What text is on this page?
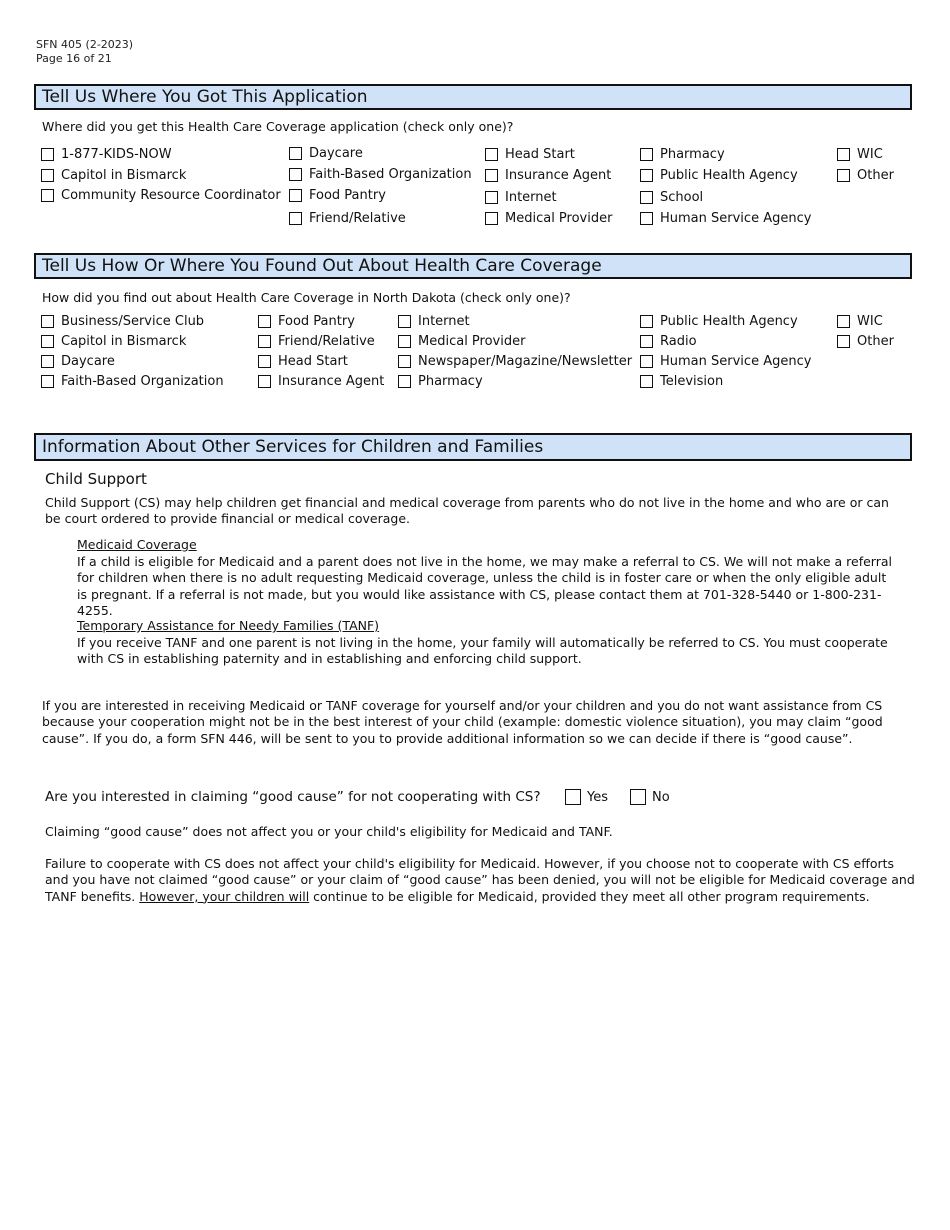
SFN 405 (2-2023)
Page 16 of 21
Tell Us Where You Got This Application
Where did you get this Health Care Coverage application (check only one)?
1-877-KIDS-NOW
Capitol in Bismarck
Community Resource Coordinator
Daycare
Faith-Based Organization
Food Pantry
Friend/Relative
Head Start
Insurance Agent
Internet
Medical Provider
Pharmacy
Public Health Agency
School
Human Service Agency
WIC
Other
Tell Us How Or Where You Found Out About Health Care Coverage
How did you find out about Health Care Coverage in North Dakota (check only one)?
Business/Service Club
Capitol in Bismarck
Daycare
Faith-Based Organization
Food Pantry
Friend/Relative
Head Start
Insurance Agent
Internet
Medical Provider
Newspaper/Magazine/Newsletter
Pharmacy
Public Health Agency
Radio
Human Service Agency
Television
WIC
Other
Information About Other Services for Children and Families
Child Support
Child Support (CS) may help children get financial and medical coverage from parents who do not live in the home and who are or can be court ordered to provide financial or medical coverage.
Medicaid Coverage
If a child is eligible for Medicaid and a parent does not live in the home, we may make a referral to CS. We will not make a referral for children when there is no adult requesting Medicaid coverage, unless the child is in foster care or when the only eligible adult is pregnant. If a referral is not made, but you would like assistance with CS, please contact them at 701-328-5440 or 1-800-231-4255.
Temporary Assistance for Needy Families (TANF)
If you receive TANF and one parent is not living in the home, your family will automatically be referred to CS. You must cooperate with CS in establishing paternity and in establishing and enforcing child support.
If you are interested in receiving Medicaid or TANF coverage for yourself and/or your children and you do not want assistance from CS because your cooperation might not be in the best interest of your child (example: domestic violence situation), you may claim “good cause”. If you do, a form SFN 446, will be sent to you to provide additional information so we can decide if there is “good cause”.
Are you interested in claiming “good cause” for not cooperating with CS?	Yes	No
Claiming “good cause” does not affect you or your child's eligibility for Medicaid and TANF.
Failure to cooperate with CS does not affect your child's eligibility for Medicaid. However, if you choose not to cooperate with CS efforts and you have not claimed “good cause” or your claim of “good cause” has been denied, you will not be eligible for Medicaid coverage and TANF benefits. However, your children will continue to be eligible for Medicaid, provided they meet all other program requirements.
